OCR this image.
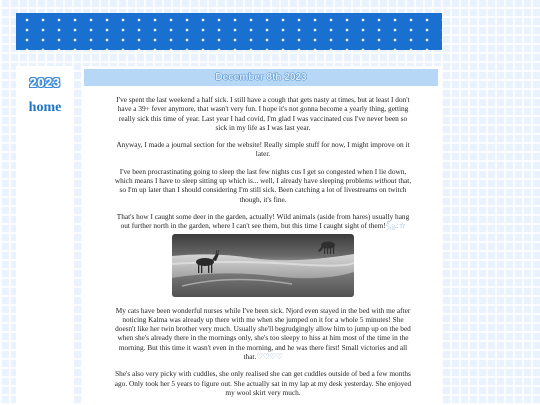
2023
home
December 8th 2023

I've spent the last weekend a half sick. I still have a cough that gets nasty at times, but at least I don't have a 39+ fever anymore, that wasn't very fun. I hope it's not gonna become a yearly thing, getting really sick this time of year. Last year I had covid, I'm glad I was vaccinated cus I've never been so sick in my life as I was last year.

Anyway, I made a journal section for the website! Really simple stuff for now, I might improve on it later.

I've been procrastinating going to sleep the last few nights cus I get so congested when I lie down, which means I have to sleep sitting up which is... well, I already have sleeping problems without that, so I'm up later than I should considering I'm still sick. Been catching a lot of livestreams on twitch though, it's fine.

That's how I caught some deer in the garden, actually! Wild animals (aside from hares) usually hang out further north in the garden, where I can't see them, but this time I caught sight of them!𓃵.:☆

My cats have been wonderful nurses while I've been sick. Njord even stayed in the bed with me after noticing Kalma was already up there with me when she jumped on it for a whole 5 minutes! She doesn't like her twin brother very much. Usually she'll begrudgingly allow him to jump up on the bed when she's already there in the mornings only, she's too sleepy to hiss at him most of the time in the morning. But this time it wasn't even in the morning, and he was there first! Small victories and all that.♡♡♡♡

She's also very picky with cuddles, she only realised she can get cuddles outside of bed a few months ago. Only took her 5 years to figure out. She actually sat in my lap at my desk yesterday. She enjoyed my wool skirt very much.
